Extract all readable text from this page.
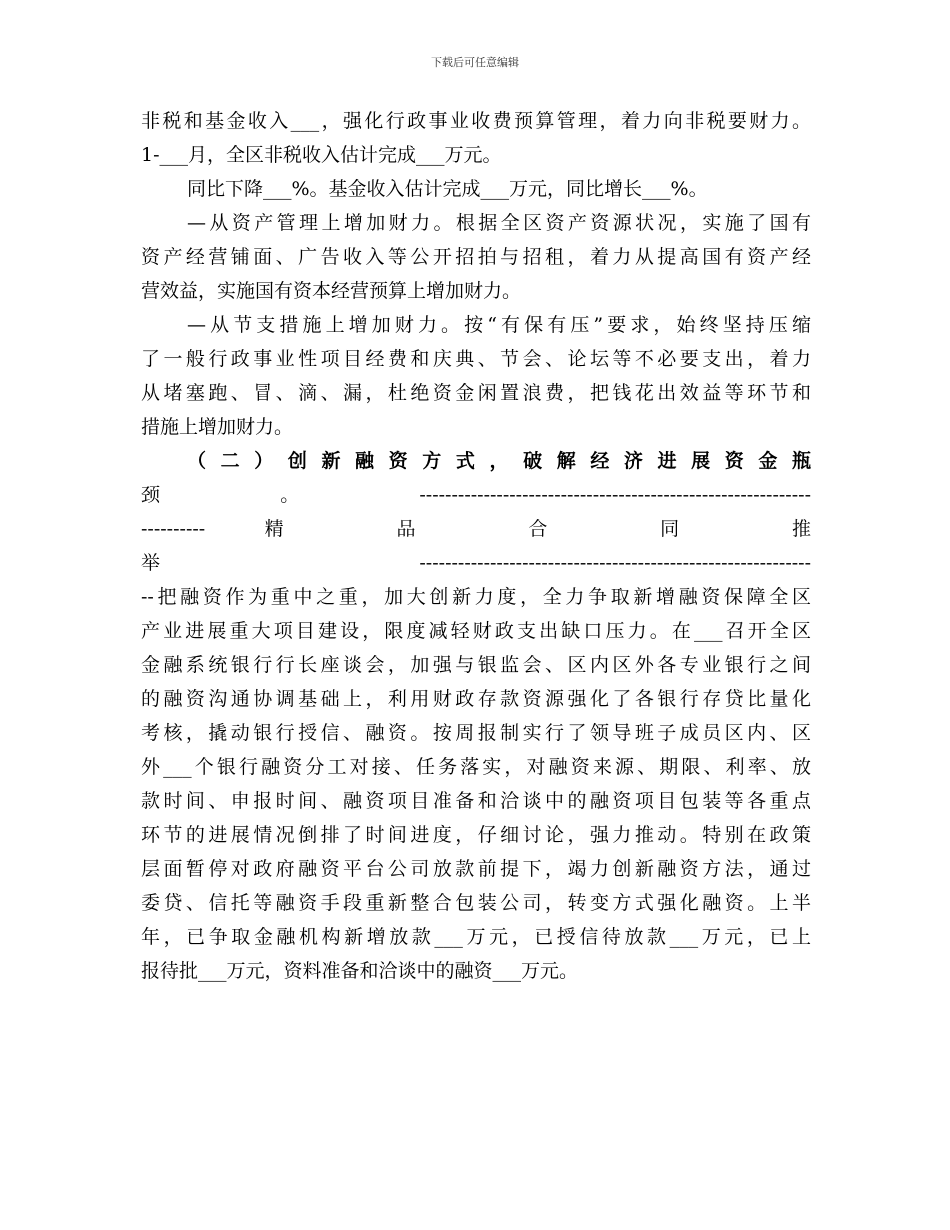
下载后可任意编辑
非税和基金收入___，强化行政事业收费预算管理，着力向非税要财力。
1-___月，全区非税收入估计完成___万元。
同比下降___%。基金收入估计完成___万元，同比增长___%。
—从资产管理上增加财力。根据全区资产资源状况，实施了国有
资产经营铺面、广告收入等公开招拍与招租，着力从提高国有资产经
营效益，实施国有资本经营预算上增加财力。
—从节支措施上增加财力。按“有保有压”要求，始终坚持压缩
了一般行政事业性项目经费和庆典、节会、论坛等不必要支出，着力
从堵塞跑、冒、滴、漏，杜绝资金闲置浪费，把钱花出效益等环节和
措施上增加财力。
（二）创新融资方式，破解经济进展资金瓶
颈。-------------------------------------------------------------
---------- 精 品 合 同 推
举 -------------------------------------------------------------
--把融资作为重中之重，加大创新力度，全力争取新增融资保障全区
产业进展重大项目建设，限度减轻财政支出缺口压力。在___召开全区
金融系统银行行长座谈会，加强与银监会、区内区外各专业银行之间
的融资沟通协调基础上，利用财政存款资源强化了各银行存贷比量化
考核，撬动银行授信、融资。按周报制实行了领导班子成员区内、区
外___个银行融资分工对接、任务落实，对融资来源、期限、利率、放
款时间、申报时间、融资项目准备和洽谈中的融资项目包装等各重点
环节的进展情况倒排了时间进度，仔细讨论，强力推动。特别在政策
层面暂停对政府融资平台公司放款前提下，竭力创新融资方法，通过
委贷、信托等融资手段重新整合包装公司，转变方式强化融资。上半
年，已争取金融机构新增放款___万元，已授信待放款___万元，已上
报待批___万元，资料准备和洽谈中的融资___万元。
